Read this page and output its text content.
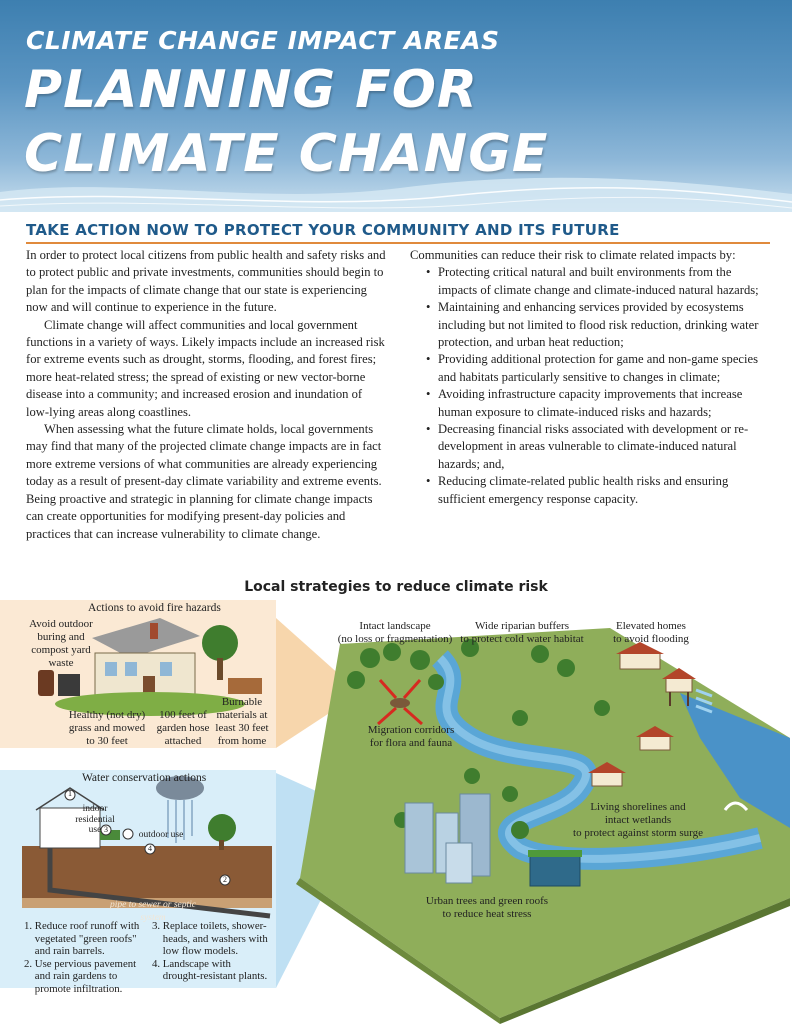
CLIMATE CHANGE IMPACT AREAS
PLANNING FOR
CLIMATE CHANGE
TAKE ACTION NOW TO PROTECT YOUR COMMUNITY AND ITS FUTURE

In order to protect local citizens from public health and safety risks and to protect public and private investments, communities should begin to plan for the impacts of climate change that our state is experiencing now and will continue to experience in the future.

Climate change will affect communities and local government functions in a variety of ways. Likely impacts include an increased risk for extreme events such as drought, storms, flooding, and forest fires; more heat-related stress; the spread of existing or new vector-borne disease into a community; and increased erosion and inundation of low-lying areas along coastlines.

When assessing what the future climate holds, local governments may find that many of the projected climate change impacts are in fact more extreme versions of what communities are already experiencing today as a result of present-day climate variability and extreme events. Being proactive and strategic in planning for climate change impacts can create opportunities for modifying present-day policies and practices that can increase vulnerability to climate change.

Communities can reduce their risk to climate related impacts by:
• Protecting critical natural and built environments from the impacts of climate change and climate-induced natural hazards;
• Maintaining and enhancing services provided by ecosystems including but not limited to flood risk reduction, drinking water protection, and urban heat reduction;
• Providing additional protection for game and non-game species and habitats particularly sensitive to changes in climate;
• Avoiding infrastructure capacity improvements that increase human exposure to climate-induced risks and hazards;
• Decreasing financial risks associated with development or re-development in areas vulnerable to climate-induced natural hazards; and,
• Reducing climate-related public health risks and ensuring sufficient emergency response capacity.
Local strategies to reduce climate risk
Actions to avoid fire hazards
Avoid outdoor
buring and
compost yard
waste
Healthy (not dry)
grass and mowed
to 30 feet
100 feet of
garden hose
attached
Burnable
materials at
least 30 feet
from home
Water conservation actions
indoor
residential
use	outdoor use
pipe to sewer or septic system
1
3
4
2
1. Reduce roof runoff with
vegetated "green roofs"
and rain barrels.
2. Use pervious pavement
and rain gardens to
promote infiltration.
3. Replace toilets, shower-
heads, and washers with
low flow models.
4. Landscape with
drought-resistant plants.
Intact landscape
(no loss or fragmentation)
Wide riparian buffers
to protect cold water habitat
Elevated homes
to avoid flooding
Migration corridors
for flora and fauna
Living shorelines and
intact wetlands
to protect against storm surge
Urban trees and green roofs
to reduce heat stress
